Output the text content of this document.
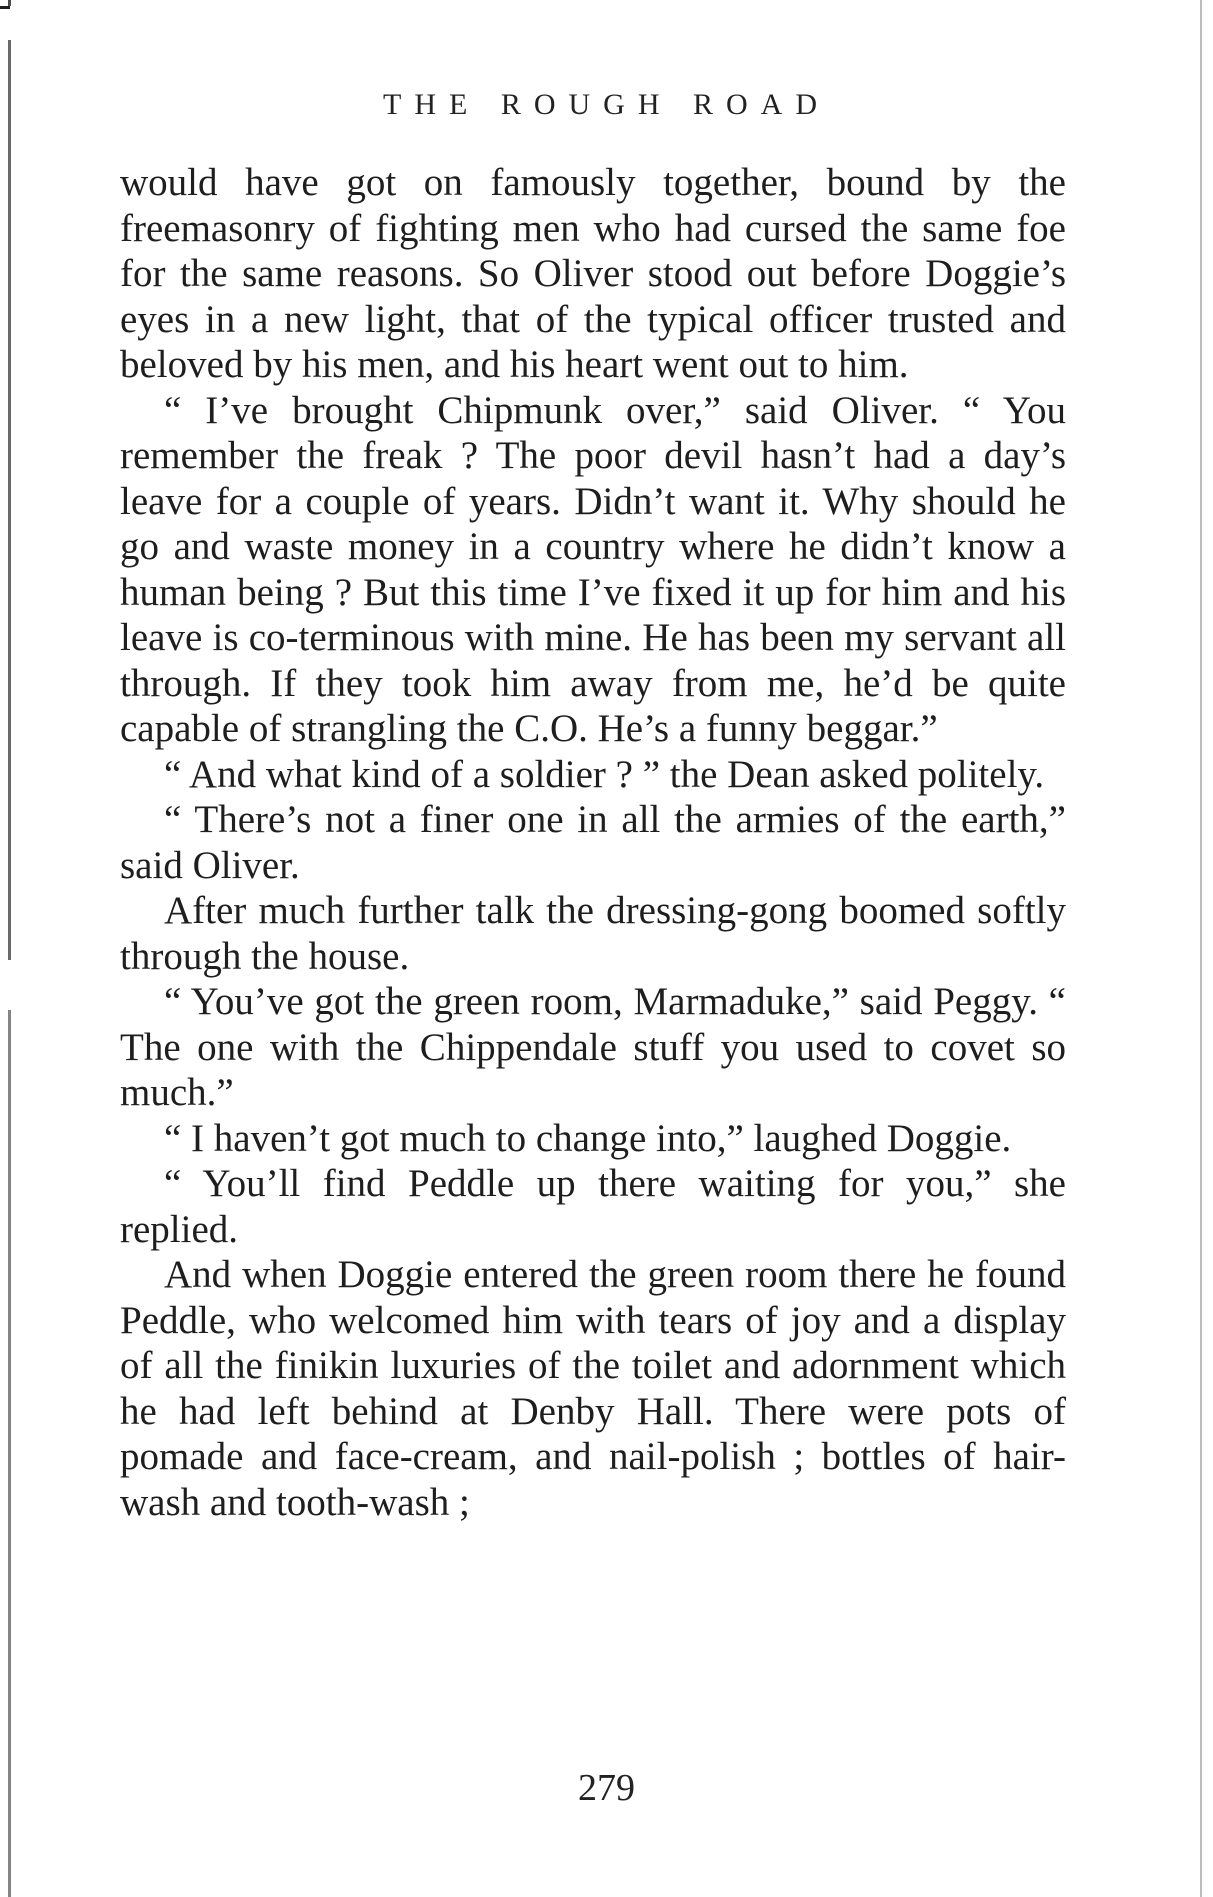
THE ROUGH ROAD

would have got on famously together, bound by the freemasonry of fighting men who had cursed the same foe for the same reasons. So Oliver stood out before Doggie’s eyes in a new light, that of the typical officer trusted and beloved by his men, and his heart went out to him.

“ I’ve brought Chipmunk over,” said Oliver. “ You remember the freak ? The poor devil hasn’t had a day’s leave for a couple of years. Didn’t want it. Why should he go and waste money in a country where he didn’t know a human being ? But this time I’ve fixed it up for him and his leave is co-terminous with mine. He has been my servant all through. If they took him away from me, he’d be quite capable of strangling the C.O. He’s a funny beggar.”

“ And what kind of a soldier ? ” the Dean asked politely.

“ There’s not a finer one in all the armies of the earth,” said Oliver.

After much further talk the dressing-gong boomed softly through the house.

“ You’ve got the green room, Marmaduke,” said Peggy. “ The one with the Chippendale stuff you used to covet so much.”

“ I haven’t got much to change into,” laughed Doggie.

“ You’ll find Peddle up there waiting for you,” she replied.

And when Doggie entered the green room there he found Peddle, who welcomed him with tears of joy and a display of all the finikin luxuries of the toilet and adornment which he had left behind at Denby Hall. There were pots of pomade and face-cream, and nail-polish ; bottles of hair-wash and tooth-wash ;

279
